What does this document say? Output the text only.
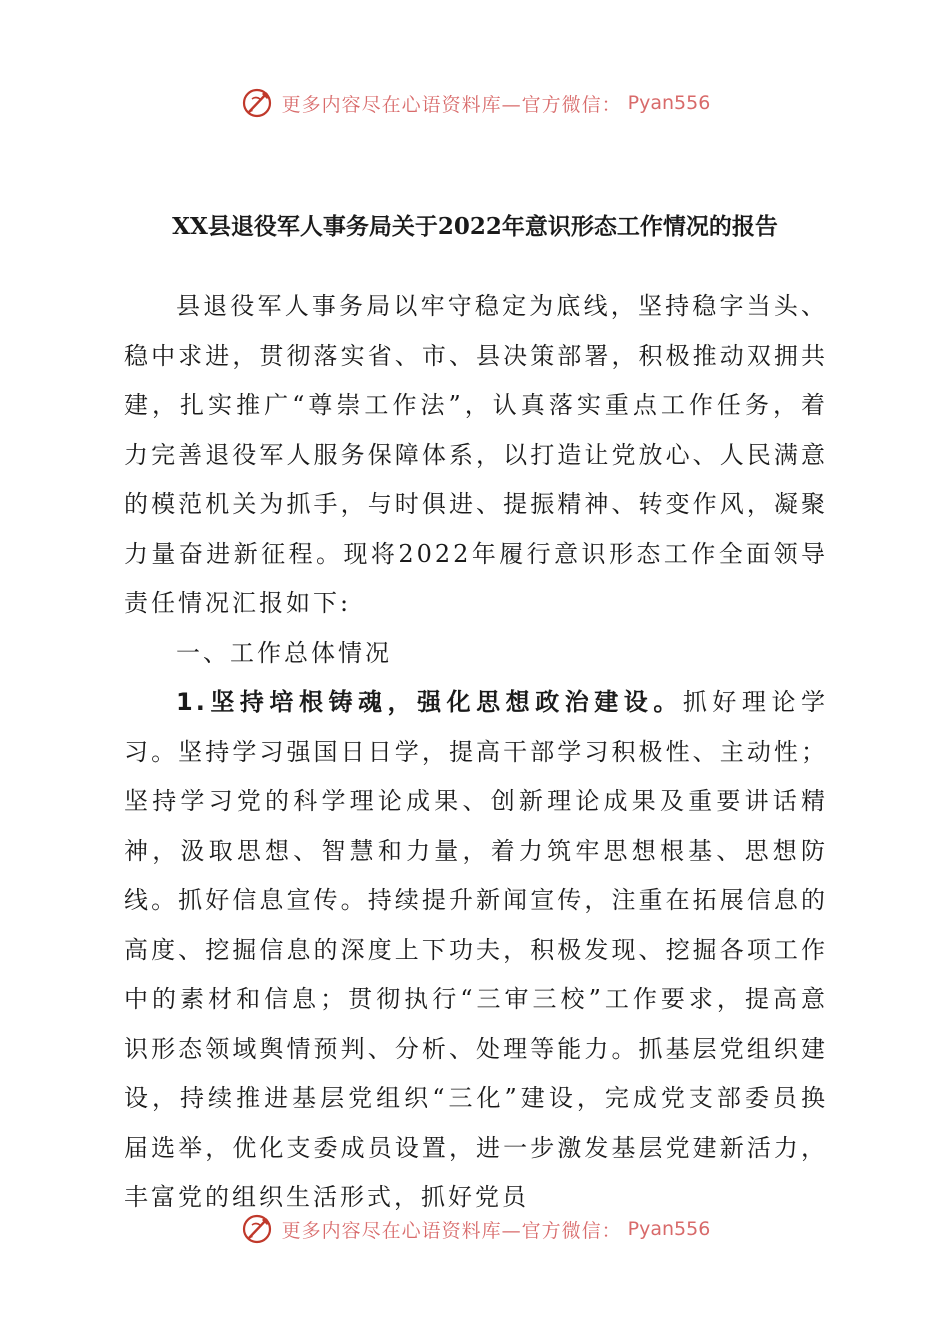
更多内容尽在心语资料库—官方微信： Pyan556
XX县退役军人事务局关于2022年意识形态工作情况的报告

县退役军人事务局以牢守稳定为底线，坚持稳字当头、稳中求进，贯彻落实省、市、县决策部署，积极推动双拥共建，扎实推广“尊崇工作法”，认真落实重点工作任务，着力完善退役军人服务保障体系，以打造让党放心、人民满意的模范机关为抓手，与时俱进、提振精神、转变作风，凝聚力量奋进新征程。现将2022年履行意识形态工作全面领导责任情况汇报如下:

一、工作总体情况

1.坚持培根铸魂，强化思想政治建设。抓好理论学习。坚持学习强国日日学，提高干部学习积极性、主动性；坚持学习党的科学理论成果、创新理论成果及重要讲话精神，汲取思想、智慧和力量，着力筑牢思想根基、思想防线。抓好信息宣传。持续提升新闻宣传，注重在拓展信息的高度、挖掘信息的深度上下功夫，积极发现、挖掘各项工作中的素材和信息；贯彻执行“三审三校”工作要求，提高意识形态领域舆情预判、分析、处理等能力。抓基层党组织建设，持续推进基层党组织“三化”建设，完成党支部委员换届选举，优化支委成员设置，进一步激发基层党建新活力，丰富党的组织生活形式，抓好党员

更多内容尽在心语资料库—官方微信： Pyan556
